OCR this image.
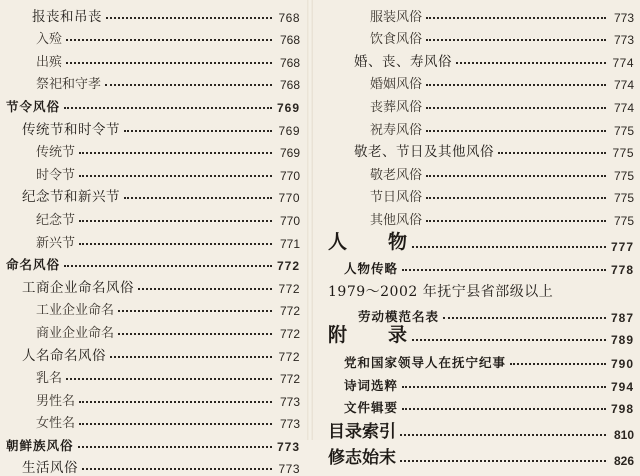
报丧和吊丧	768
入殓	768
出殡	768
祭祀和守孝	768
节令风俗	769
传统节和时令节	769
传统节	769
时令节	770
纪念节和新兴节	770
纪念节	770
新兴节	771
命名风俗	772
工商企业命名风俗	772
工业企业命名	772
商业企业命名	772
人名命名风俗	772
乳名	772
男性名	773
女性名	773
朝鲜族风俗	773
生活风俗	773
服装风俗	773
饮食风俗	773
婚、丧、寿风俗	774
婚姻风俗	774
丧葬风俗	774
祝寿风俗	775
敬老、节日及其他风俗	775
敬老风俗	775
节日风俗	775
其他风俗	775
人　　物	777
人物传略	778
1979～2002 年抚宁县省部级以上
劳动模范名表	787
附　　录	789
党和国家领导人在抚宁纪事	790
诗词选粹	794
文件辑要	798
目录索引	810
修志始末	826
